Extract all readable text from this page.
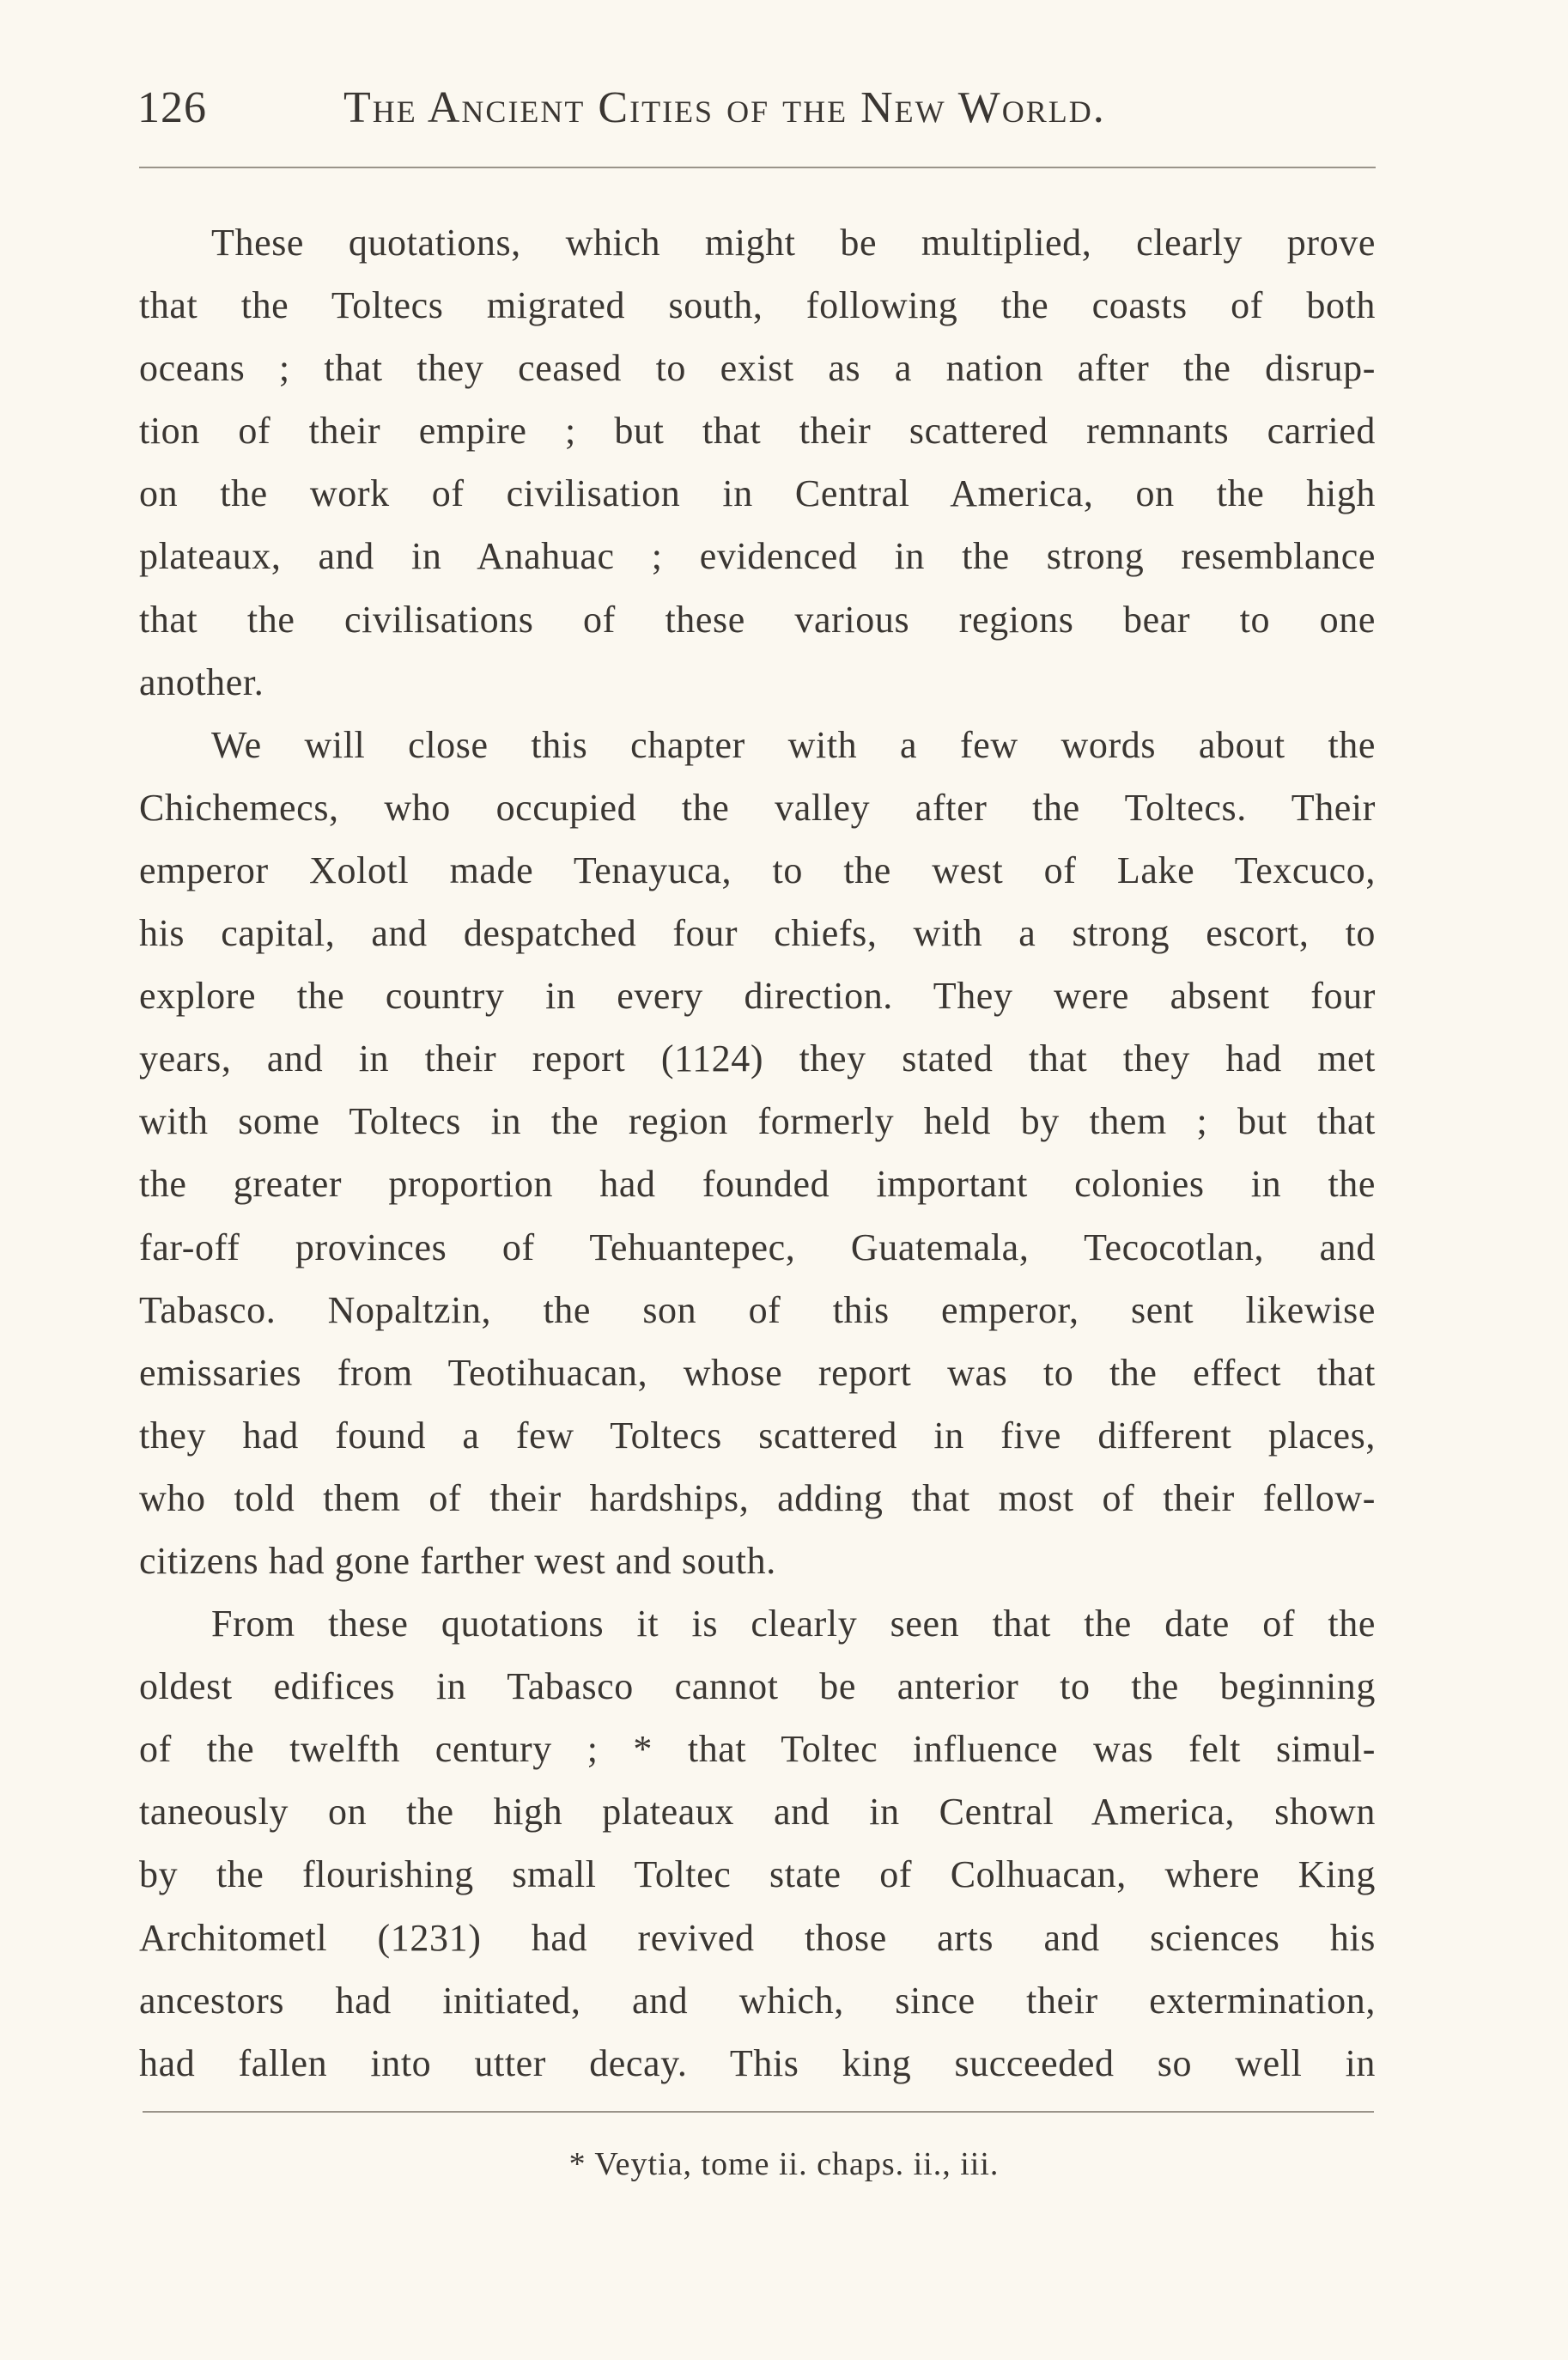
126	The Ancient Cities of the New World.
These quotations, which might be multiplied, clearly prove
that the Toltecs migrated south, following the coasts of both
oceans ; that they ceased to exist as a nation after the disrup-
tion of their empire ; but that their scattered remnants carried
on the work of civilisation in Central America, on the high
plateaux, and in Anahuac ; evidenced in the strong resemblance
that the civilisations of these various regions bear to one
another.
We will close this chapter with a few words about the
Chichemecs, who occupied the valley after the Toltecs. Their
emperor Xolotl made Tenayuca, to the west of Lake Texcuco,
his capital, and despatched four chiefs, with a strong escort, to
explore the country in every direction. They were absent four
years, and in their report (1124) they stated that they had met
with some Toltecs in the region formerly held by them ; but that
the greater proportion had founded important colonies in the
far-off provinces of Tehuantepec, Guatemala, Tecocotlan, and
Tabasco. Nopaltzin, the son of this emperor, sent likewise
emissaries from Teotihuacan, whose report was to the effect that
they had found a few Toltecs scattered in five different places,
who told them of their hardships, adding that most of their fellow-
citizens had gone farther west and south.
From these quotations it is clearly seen that the date of the
oldest edifices in Tabasco cannot be anterior to the beginning
of the twelfth century ; * that Toltec influence was felt simul-
taneously on the high plateaux and in Central America, shown
by the flourishing small Toltec state of Colhuacan, where King
Architometl (1231) had revived those arts and sciences his
ancestors had initiated, and which, since their extermination,
had fallen into utter decay. This king succeeded so well in
* Veytia, tome ii. chaps. ii., iii.
